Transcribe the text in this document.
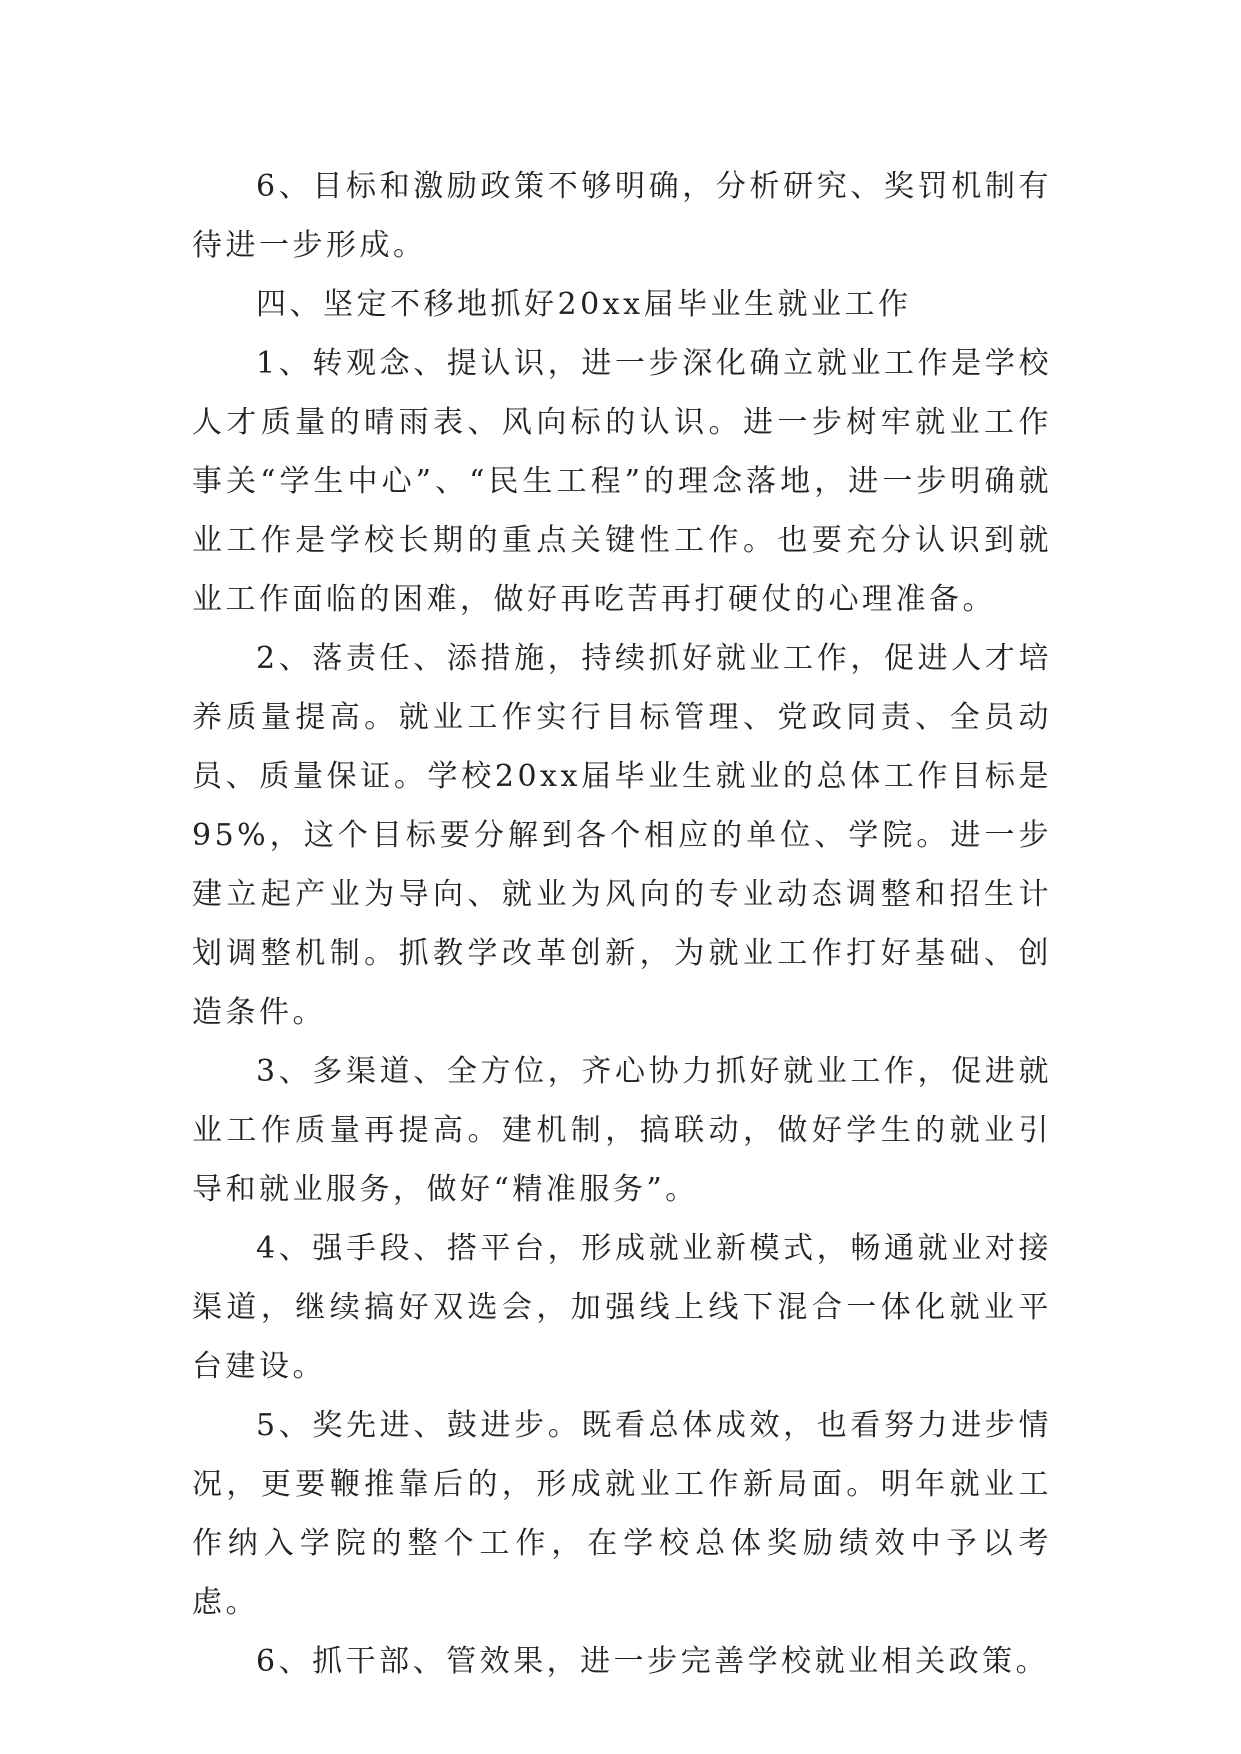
6、目标和激励政策不够明确，分析研究、奖罚机制有待进一步形成。

四、坚定不移地抓好20xx届毕业生就业工作

1、转观念、提认识，进一步深化确立就业工作是学校人才质量的晴雨表、风向标的认识。进一步树牢就业工作事关“学生中心”、“民生工程”的理念落地，进一步明确就业工作是学校长期的重点关键性工作。也要充分认识到就业工作面临的困难，做好再吃苦再打硬仗的心理准备。

2、落责任、添措施，持续抓好就业工作，促进人才培养质量提高。就业工作实行目标管理、党政同责、全员动员、质量保证。学校20xx届毕业生就业的总体工作目标是95%，这个目标要分解到各个相应的单位、学院。进一步建立起产业为导向、就业为风向的专业动态调整和招生计划调整机制。抓教学改革创新，为就业工作打好基础、创造条件。

3、多渠道、全方位，齐心协力抓好就业工作，促进就业工作质量再提高。建机制，搞联动，做好学生的就业引导和就业服务，做好“精准服务”。

4、强手段、搭平台，形成就业新模式，畅通就业对接渠道，继续搞好双选会，加强线上线下混合一体化就业平台建设。

5、奖先进、鼓进步。既看总体成效，也看努力进步情况，更要鞭推靠后的，形成就业工作新局面。明年就业工作纳入学院的整个工作，在学校总体奖励绩效中予以考虑。

6、抓干部、管效果，进一步完善学校就业相关政策。
